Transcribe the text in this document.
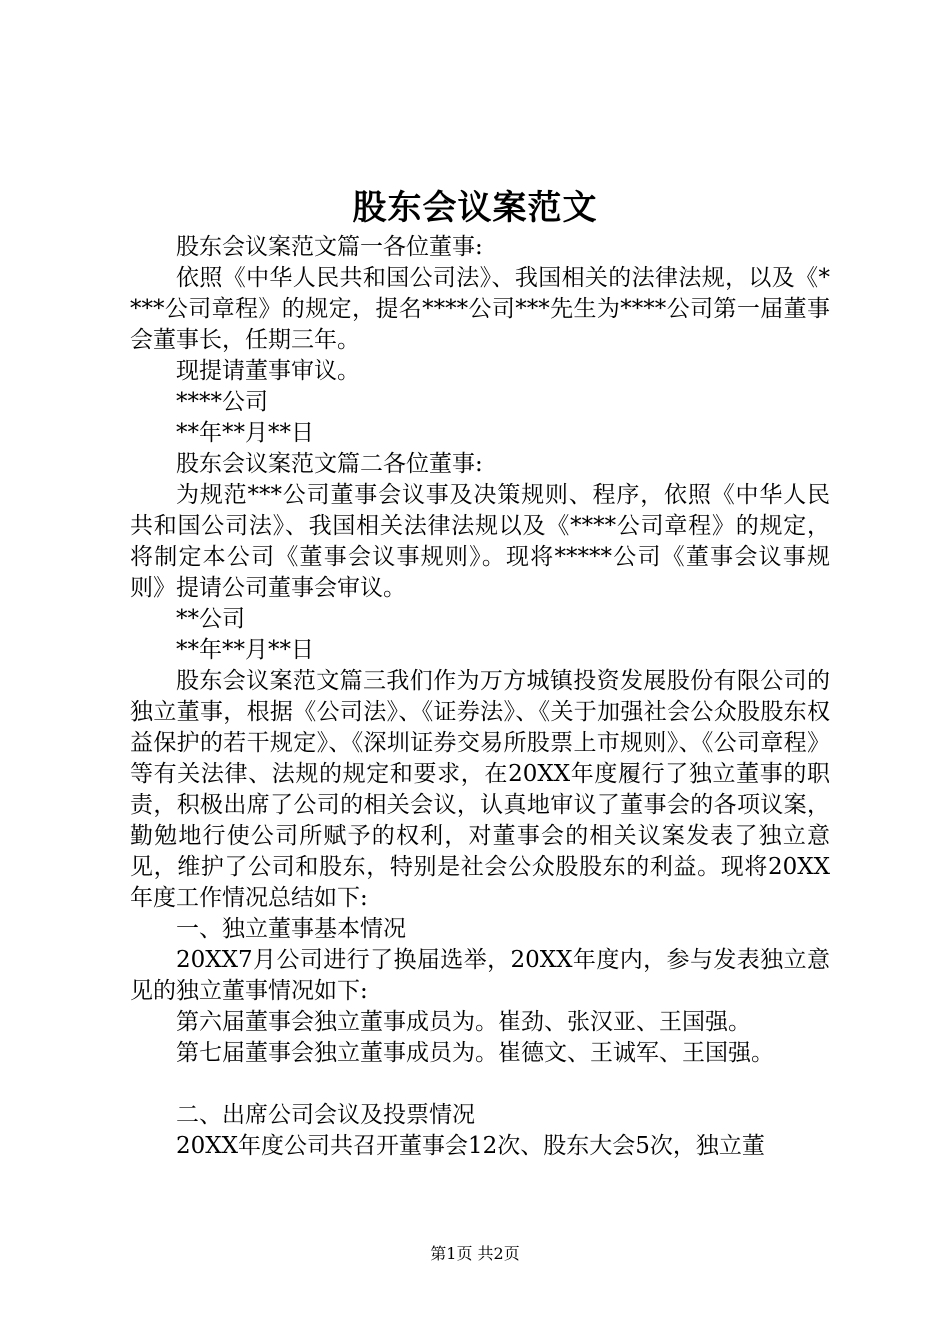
股东会议案范文

股东会议案范文篇一各位董事:

依照《中华人民共和国公司法》、我国相关的法律法规，以及《****公司章程》的规定，提名****公司***先生为****公司第一届董事会董事长，任期三年。

现提请董事审议。

****公司

**年**月**日

股东会议案范文篇二各位董事:

为规范***公司董事会议事及决策规则、程序，依照《中华人民共和国公司法》、我国相关法律法规以及《****公司章程》的规定，将制定本公司《董事会议事规则》。现将*****公司《董事会议事规则》提请公司董事会审议。

**公司

**年**月**日

股东会议案范文篇三我们作为万方城镇投资发展股份有限公司的独立董事，根据《公司法》、《证券法》、《关于加强社会公众股股东权益保护的若干规定》、《深圳证券交易所股票上市规则》、《公司章程》等有关法律、法规的规定和要求，在20XX年度履行了独立董事的职责，积极出席了公司的相关会议，认真地审议了董事会的各项议案，勤勉地行使公司所赋予的权利，对董事会的相关议案发表了独立意见，维护了公司和股东，特别是社会公众股股东的利益。现将20XX年度工作情况总结如下:

一、独立董事基本情况

20XX7月公司进行了换届选举，20XX年度内，参与发表独立意见的独立董事情况如下:

第六届董事会独立董事成员为。崔劲、张汉亚、王国强。

第七届董事会独立董事成员为。崔德文、王诚军、王国强。

二、出席公司会议及投票情况

20XX年度公司共召开董事会12次、股东大会5次，独立董

第1页 共2页
